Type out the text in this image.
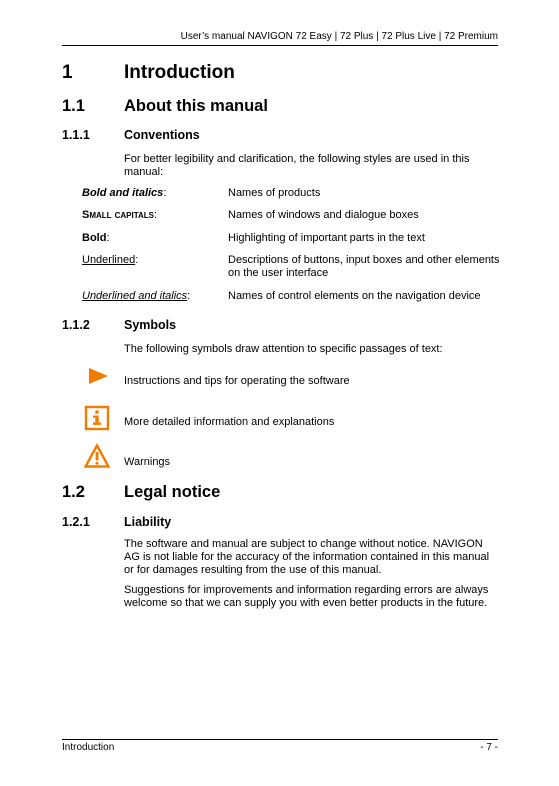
User’s manual NAVIGON 72 Easy | 72 Plus | 72 Plus Live | 72 Premium
1	Introduction
1.1 About this manual
1.1.1	Conventions
For better legibility and clarification, the following styles are used in this manual:
Bold and italics:	Names of products
Small capitals:	Names of windows and dialogue boxes
Bold:	Highlighting of important parts in the text
Underlined:	Descriptions of buttons, input boxes and other elements on the user interface
Underlined and italics:	Names of control elements on the navigation device
1.1.2	Symbols
The following symbols draw attention to specific passages of text:
Instructions and tips for operating the software
More detailed information and explanations
Warnings
1.2 Legal notice
1.2.1	Liability
The software and manual are subject to change without notice. NAVIGON AG is not liable for the accuracy of the information contained in this manual or for damages resulting from the use of this manual.
Suggestions for improvements and information regarding errors are always welcome so that we can supply you with even better products in the future.
Introduction	- 7 -
